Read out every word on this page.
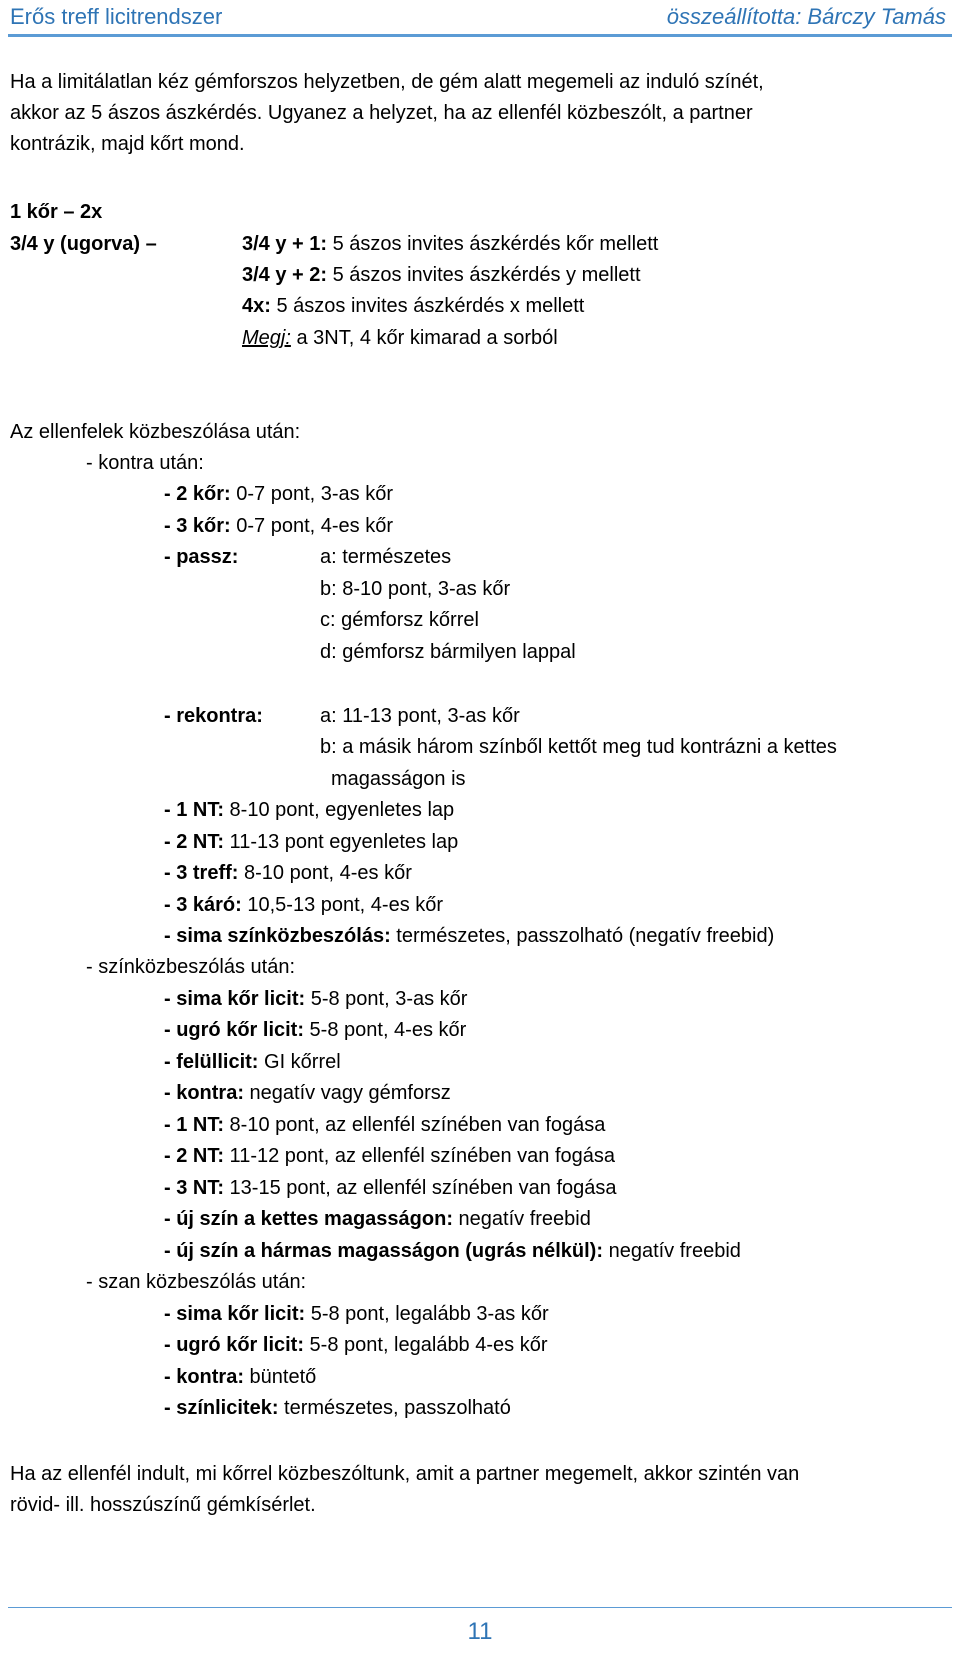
Erős treff licitrendszer	összeállította: Bárczy Tamás
Ha a limitálatlan kéz gémforszos helyzetben, de gém alatt megemeli az induló színét,
akkor az 5 ászos ászkérdés. Ugyanez a helyzet, ha az ellenfél közbeszólt, a partner
kontrázik, majd kőrt mond.
1 kőr – 2x
3/4 y (ugorva) –	3/4 y + 1: 5 ászos invites ászkérdés kőr mellett
3/4 y + 2: 5 ászos invites ászkérdés y mellett
4x: 5 ászos invites ászkérdés x mellett
Megj: a 3NT, 4 kőr kimarad a sorból
Az ellenfelek közbeszólása után:
- kontra után:
- 2 kőr: 0-7 pont, 3-as kőr
- 3 kőr: 0-7 pont, 4-es kőr
- passz:	a: természetes
b: 8-10 pont, 3-as kőr
c: gémforsz kőrrel
d: gémforsz bármilyen lappal
- rekontra:	a: 11-13 pont, 3-as kőr
b: a másik három színből kettőt meg tud kontrázni a kettes
magasságon is
- 1 NT: 8-10 pont, egyenletes lap
- 2 NT: 11-13 pont egyenletes lap
- 3 treff: 8-10 pont, 4-es kőr
- 3 káró: 10,5-13 pont, 4-es kőr
- sima színközbeszólás: természetes, passzolható (negatív freebid)
- színközbeszólás után:
- sima kőr licit: 5-8 pont, 3-as kőr
- ugró kőr licit: 5-8 pont, 4-es kőr
- felüllicit: GI kőrrel
- kontra: negatív vagy gémforsz
- 1 NT: 8-10 pont, az ellenfél színében van fogása
- 2 NT: 11-12 pont, az ellenfél színében van fogása
- 3 NT: 13-15 pont, az ellenfél színében van fogása
- új szín a kettes magasságon: negatív freebid
- új szín a hármas magasságon (ugrás nélkül): negatív freebid
- szan közbeszólás után:
- sima kőr licit: 5-8 pont, legalább 3-as kőr
- ugró kőr licit: 5-8 pont, legalább 4-es kőr
- kontra: büntető
- színlicitek: természetes, passzolható
Ha az ellenfél indult, mi kőrrel közbeszóltunk, amit a partner megemelt, akkor szintén van
rövid- ill. hosszúszínű gémkísérlet.
11
